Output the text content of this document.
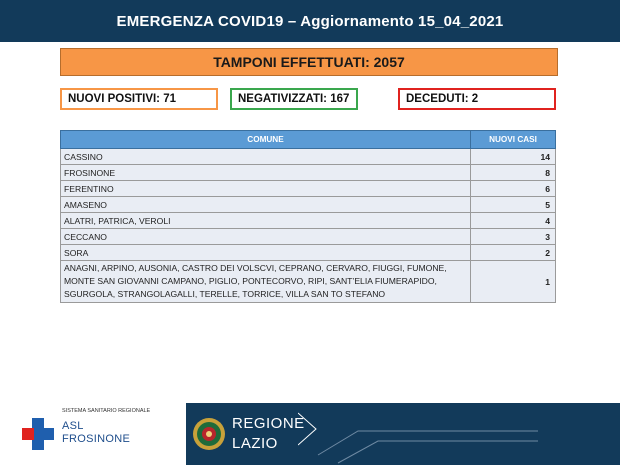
EMERGENZA COVID19 – Aggiornamento 15_04_2021
TAMPONI EFFETTUATI: 2057
NUOVI POSITIVI: 71	NEGATIVIZZATI: 167	DECEDUTI: 2
COMUNE	NUOVI CASI
CASSINO	14
FROSINONE	8
FERENTINO	6
AMASENO	5
ALATRI, PATRICA, VEROLI	4
CECCANO	3
SORA	2
ANAGNI, ARPINO, AUSONIA, CASTRO DEI VOLSCVI, CEPRANO, CERVARO, FIUGGI, FUMONE, MONTE SAN GIOVANNI CAMPANO, PIGLIO, PONTECORVO, RIPI, SANT’ELIA FIUMERAPIDO, SGURGOLA, STRANGOLAGALLI, TERELLE, TORRICE, VILLA SAN TO STEFANO	1
SISTEMA SANITARIO REGIONALE
ASL
FROSINONE
REGIONE
LAZIO
